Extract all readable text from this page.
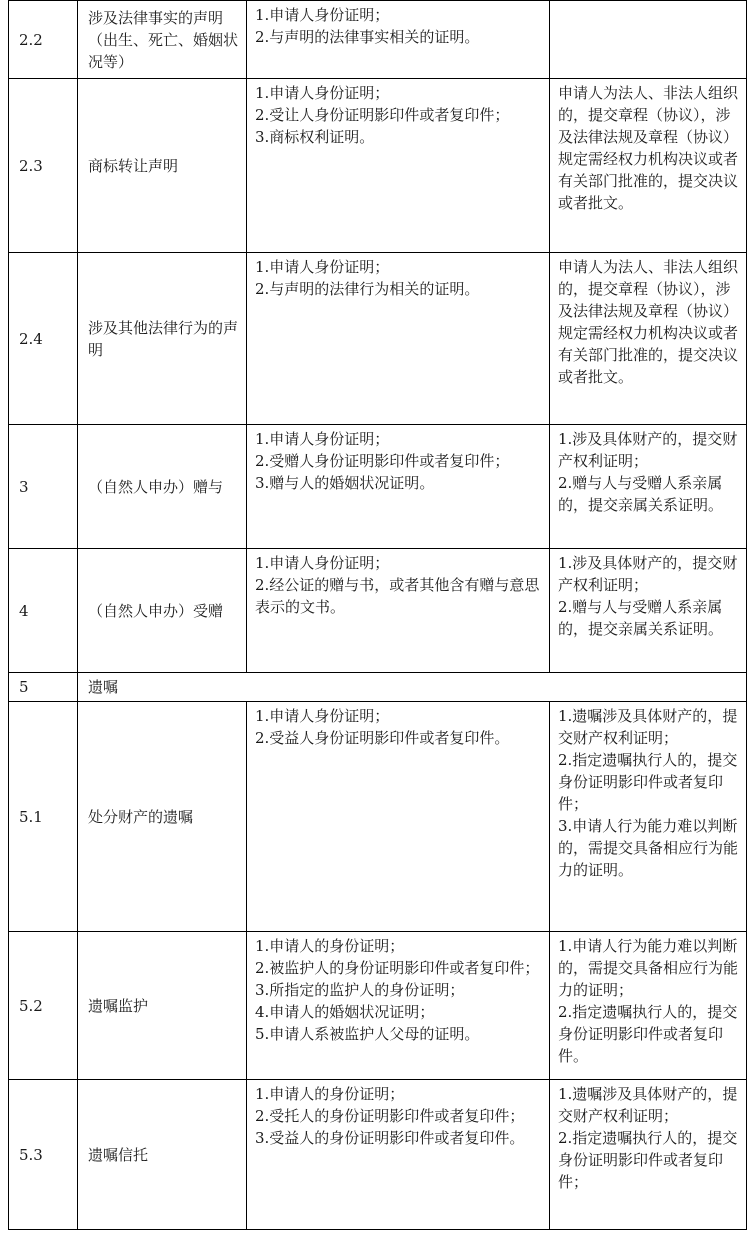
2.2	涉及法律事实的声明（出生、死亡、婚姻状况等）	1.申请人身份证明；
2.与声明的法律事实相关的证明。	

2.3	商标转让声明	1.申请人身份证明；
2.受让人身份证明影印件或者复印件；
3.商标权利证明。	申请人为法人、非法人组织的，提交章程（协议），涉及法律法规及章程（协议）规定需经权力机构决议或者有关部门批准的，提交决议或者批文。

2.4	涉及其他法律行为的声明	1.申请人身份证明；
2.与声明的法律行为相关的证明。	申请人为法人、非法人组织的，提交章程（协议），涉及法律法规及章程（协议）规定需经权力机构决议或者有关部门批准的，提交决议或者批文。

3	（自然人申办）赠与	1.申请人身份证明；
2.受赠人身份证明影印件或者复印件；
3.赠与人的婚姻状况证明。	1.涉及具体财产的，提交财产权利证明；
2.赠与人与受赠人系亲属的，提交亲属关系证明。

4	（自然人申办）受赠	1.申请人身份证明；
2.经公证的赠与书，或者其他含有赠与意思表示的文书。	1.涉及具体财产的，提交财产权利证明；
2.赠与人与受赠人系亲属的，提交亲属关系证明。

5	遗嘱		
5.1	处分财产的遗嘱	1.申请人身份证明；
2.受益人身份证明影印件或者复印件。	1.遗嘱涉及具体财产的，提交财产权利证明；
2.指定遗嘱执行人的，提交身份证明影印件或者复印件；
3.申请人行为能力难以判断的，需提交具备相应行为能力的证明。

5.2	遗嘱监护	1.申请人的身份证明；
2.被监护人的身份证明影印件或者复印件；
3.所指定的监护人的身份证明；
4.申请人的婚姻状况证明；
5.申请人系被监护人父母的证明。	1.申请人行为能力难以判断的，需提交具备相应行为能力的证明；
2.指定遗嘱执行人的，提交身份证明影印件或者复印件。

5.3	遗嘱信托	1.申请人的身份证明；
2.受托人的身份证明影印件或者复印件；
3.受益人的身份证明影印件或者复印件。	1.遗嘱涉及具体财产的，提交财产权利证明；
2.指定遗嘱执行人的，提交身份证明影印件或者复印件；
